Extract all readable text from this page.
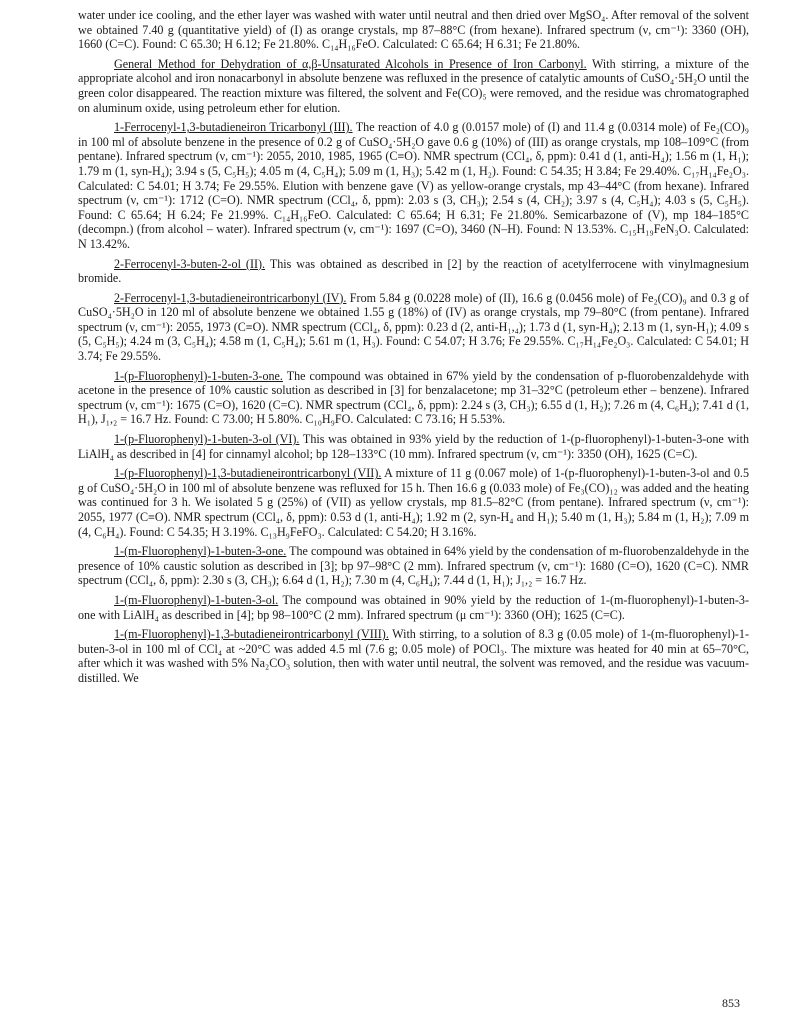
water under ice cooling, and the ether layer was washed with water until neutral and then dried over MgSO₄. After removal of the solvent we obtained 7.40 g (quantitative yield) of (I) as orange crystals, mp 87–88°C (from hexane). Infrared spectrum (ν, cm⁻¹): 3360 (OH), 1660 (C=C). Found: C 65.30; H 6.12; Fe 21.80%. C₁₄H₁₆FeO. Calculated: C 65.64; H 6.31; Fe 21.80%.

General Method for Dehydration of α,β-Unsaturated Alcohols in Presence of Iron Carbonyl. With stirring, a mixture of the appropriate alcohol and iron nonacarbonyl in absolute benzene was refluxed in the presence of catalytic amounts of CuSO₄·5H₂O until the green color disappeared. The reaction mixture was filtered, the solvent and Fe(CO)₅ were removed, and the residue was chromatographed on aluminum oxide, using petroleum ether for elution.

1-Ferrocenyl-1,3-butadieneiron Tricarbonyl (III). The reaction of 4.0 g (0.0157 mole) of (I) and 11.4 g (0.0314 mole) of Fe₂(CO)₉ in 100 ml of absolute benzene in the presence of 0.2 g of CuSO₄·5H₂O gave 0.6 g (10%) of (III) as orange crystals, mp 108–109°C (from pentane). Infrared spectrum (ν, cm⁻¹): 2055, 2010, 1985, 1965 (C≡O). NMR spectrum (CCl₄, δ, ppm): 0.41 d (1, anti-H₄); 1.56 m (1, H₁); 1.79 m (1, syn-H₄); 3.94 s (5, C₅H₅); 4.05 m (4, C₅H₄); 5.09 m (1, H₃); 5.42 m (1, H₂). Found: C 54.35; H 3.84; Fe 29.40%. C₁₇H₁₄Fe₂O₃. Calculated: C 54.01; H 3.74; Fe 29.55%. Elution with benzene gave (V) as yellow-orange crystals, mp 43–44°C (from hexane). Infrared spectrum (ν, cm⁻¹): 1712 (C=O). NMR spectrum (CCl₄, δ, ppm): 2.03 s (3, CH₃); 2.54 s (4, CH₂); 3.97 s (4, C₅H₄); 4.03 s (5, C₅H₅). Found: C 65.64; H 6.24; Fe 21.99%. C₁₄H₁₆FeO. Calculated: C 65.64; H 6.31; Fe 21.80%. Semicarbazone of (V), mp 184–185°C (decompn.) (from alcohol – water). Infrared spectrum (ν, cm⁻¹): 1697 (C=O), 3460 (N–H). Found: N 13.53%. C₁₅H₁₉FeN₃O. Calculated: N 13.42%.

2-Ferrocenyl-3-buten-2-ol (II). This was obtained as described in [2] by the reaction of acetylferrocene with vinylmagnesium bromide.

2-Ferrocenyl-1,3-butadieneirontricarbonyl (IV). From 5.84 g (0.0228 mole) of (II), 16.6 g (0.0456 mole) of Fe₂(CO)₉ and 0.3 g of CuSO₄·5H₂O in 120 ml of absolute benzene we obtained 1.55 g (18%) of (IV) as orange crystals, mp 79–80°C (from pentane). Infrared spectrum (ν, cm⁻¹): 2055, 1973 (C≡O). NMR spectrum (CCl₄, δ, ppm): 0.23 d (2, anti-H₁,₄); 1.73 d (1, syn-H₄); 2.13 m (1, syn-H₁); 4.09 s (5, C₅H₅); 4.24 m (3, C₅H₄); 4.58 m (1, C₅H₄); 5.61 m (1, H₃). Found: C 54.07; H 3.76; Fe 29.55%. C₁₇H₁₄Fe₂O₃. Calculated: C 54.01; H 3.74; Fe 29.55%.

1-(p-Fluorophenyl)-1-buten-3-one. The compound was obtained in 67% yield by the condensation of p-fluorobenzaldehyde with acetone in the presence of 10% caustic solution as described in [3] for benzalacetone; mp 31–32°C (petroleum ether – benzene). Infrared spectrum (ν, cm⁻¹): 1675 (C=O), 1620 (C=C). NMR spectrum (CCl₄, δ, ppm): 2.24 s (3, CH₃); 6.55 d (1, H₂); 7.26 m (4, C₆H₄); 7.41 d (1, H₁), J₁,₂ = 16.7 Hz. Found: C 73.00; H 5.80%. C₁₀H₉FO. Calculated: C 73.16; H 5.53%.

1-(p-Fluorophenyl)-1-buten-3-ol (VI). This was obtained in 93% yield by the reduction of 1-(p-fluorophenyl)-1-buten-3-one with LiAlH₄ as described in [4] for cinnamyl alcohol; bp 128–133°C (10 mm). Infrared spectrum (ν, cm⁻¹): 3350 (OH), 1625 (C=C).

1-(p-Fluorophenyl)-1,3-butadieneirontricarbonyl (VII). A mixture of 11 g (0.067 mole) of 1-(p-fluorophenyl)-1-buten-3-ol and 0.5 g of CuSO₄·5H₂O in 100 ml of absolute benzene was refluxed for 15 h. Then 16.6 g (0.033 mole) of Fe₃(CO)₁₂ was added and the heating was continued for 3 h. We isolated 5 g (25%) of (VII) as yellow crystals, mp 81.5–82°C (from pentane). Infrared spectrum (ν, cm⁻¹): 2055, 1977 (C≡O). NMR spectrum (CCl₄, δ, ppm): 0.53 d (1, anti-H₄); 1.92 m (2, syn-H₄ and H₁); 5.40 m (1, H₃); 5.84 m (1, H₂); 7.09 m (4, C₆H₄). Found: C 54.35; H 3.19%. C₁₃H₉FeFO₃. Calculated: C 54.20; H 3.16%.

1-(m-Fluorophenyl)-1-buten-3-one. The compound was obtained in 64% yield by the condensation of m-fluorobenzaldehyde in the presence of 10% caustic solution as described in [3]; bp 97–98°C (2 mm). Infrared spectrum (ν, cm⁻¹): 1680 (C=O), 1620 (C=C). NMR spectrum (CCl₄, δ, ppm): 2.30 s (3, CH₃); 6.64 d (1, H₂); 7.30 m (4, C₆H₄); 7.44 d (1, H₁); J₁,₂ = 16.7 Hz.

1-(m-Fluorophenyl)-1-buten-3-ol. The compound was obtained in 90% yield by the reduction of 1-(m-fluorophenyl)-1-buten-3-one with LiAlH₄ as described in [4]; bp 98–100°C (2 mm). Infrared spectrum (μ cm⁻¹): 3360 (OH); 1625 (C=C).

1-(m-Fluorophenyl)-1,3-butadieneirontricarbonyl (VIII). With stirring, to a solution of 8.3 g (0.05 mole) of 1-(m-fluorophenyl)-1-buten-3-ol in 100 ml of CCl₄ at ~20°C was added 4.5 ml (7.6 g; 0.05 mole) of POCl₃. The mixture was heated for 40 min at 65–70°C, after which it was washed with 5% Na₂CO₃ solution, then with water until neutral, the solvent was removed, and the residue was vacuum-distilled. We

853
